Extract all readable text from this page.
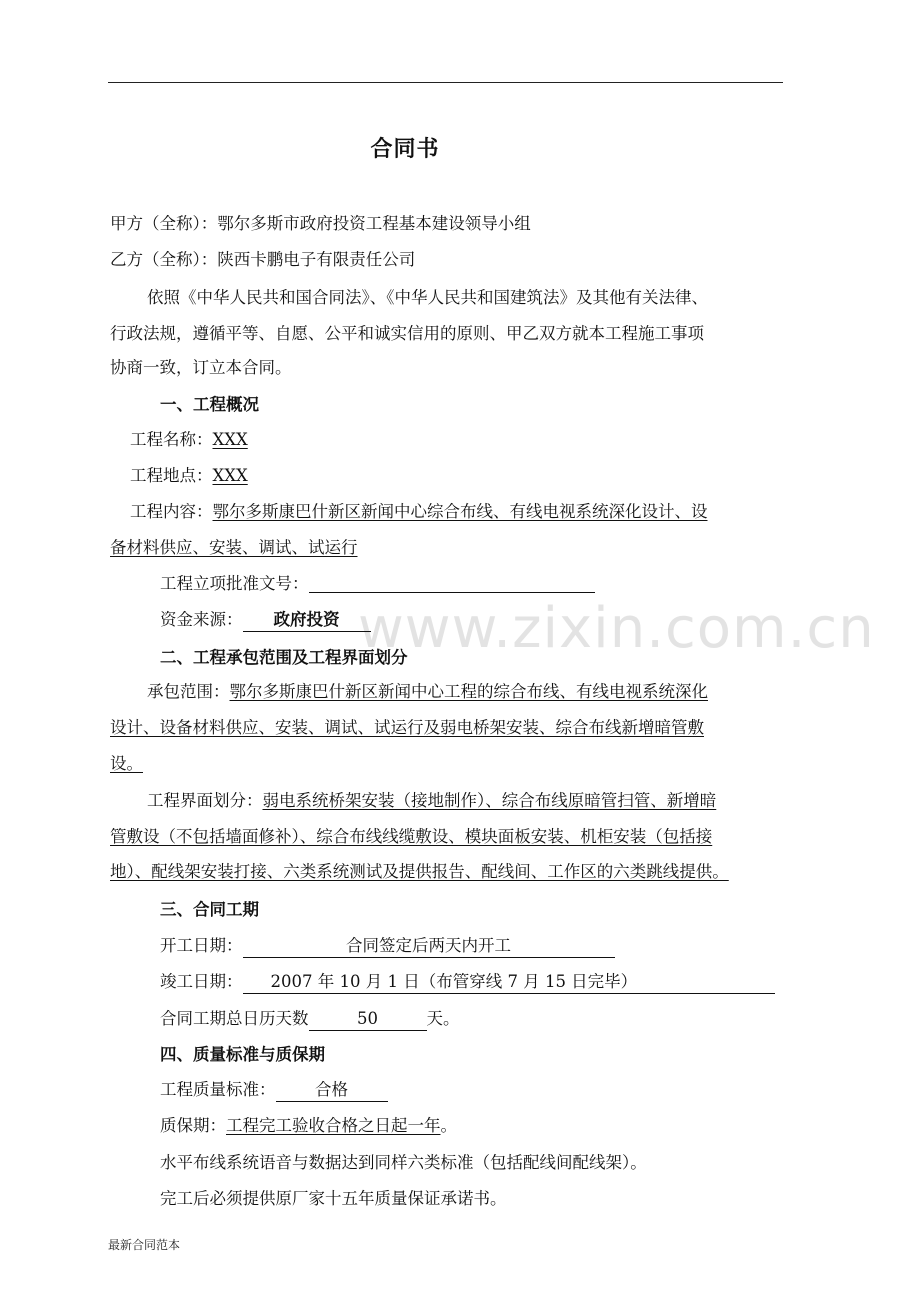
www.zixin.com.cn
合同书
甲方（全称）：鄂尔多斯市政府投资工程基本建设领导小组
乙方（全称）：陕西卡鹏电子有限责任公司
依照《中华人民共和国合同法》、《中华人民共和国建筑法》及其他有关法律、
行政法规，遵循平等、自愿、公平和诚实信用的原则、甲乙双方就本工程施工事项
协商一致，订立本合同。
一、工程概况
工程名称：XXX
工程地点：XXX
工程内容：鄂尔多斯康巴什新区新闻中心综合布线、有线电视系统深化设计、设
备材料供应、安装、调试、试运行
工程立项批准文号：
资金来源： 政府投资
二、工程承包范围及工程界面划分
承包范围：鄂尔多斯康巴什新区新闻中心工程的综合布线、有线电视系统深化
设计、设备材料供应、安装、调试、试运行及弱电桥架安装、综合布线新增暗管敷
设。
工程界面划分：弱电系统桥架安装（接地制作）、综合布线原暗管扫管、新增暗
管敷设（不包括墙面修补）、综合布线线缆敷设、模块面板安装、机柜安装（包括接
地）、配线架安装打接、六类系统测试及提供报告、配线间、工作区的六类跳线提供。
三、合同工期
开工日期：	合同签定后两天内开工
竣工日期： 2007 年 10 月 1 日（布管穿线 7 月 15 日完毕）
合同工期总日历天数	50	天。
四、质量标准与质保期
工程质量标准： 合格
质保期：工程完工验收合格之日起一年。
水平布线系统语音与数据达到同样六类标准（包括配线间配线架）。
完工后必须提供原厂家十五年质量保证承诺书。
最新合同范本
